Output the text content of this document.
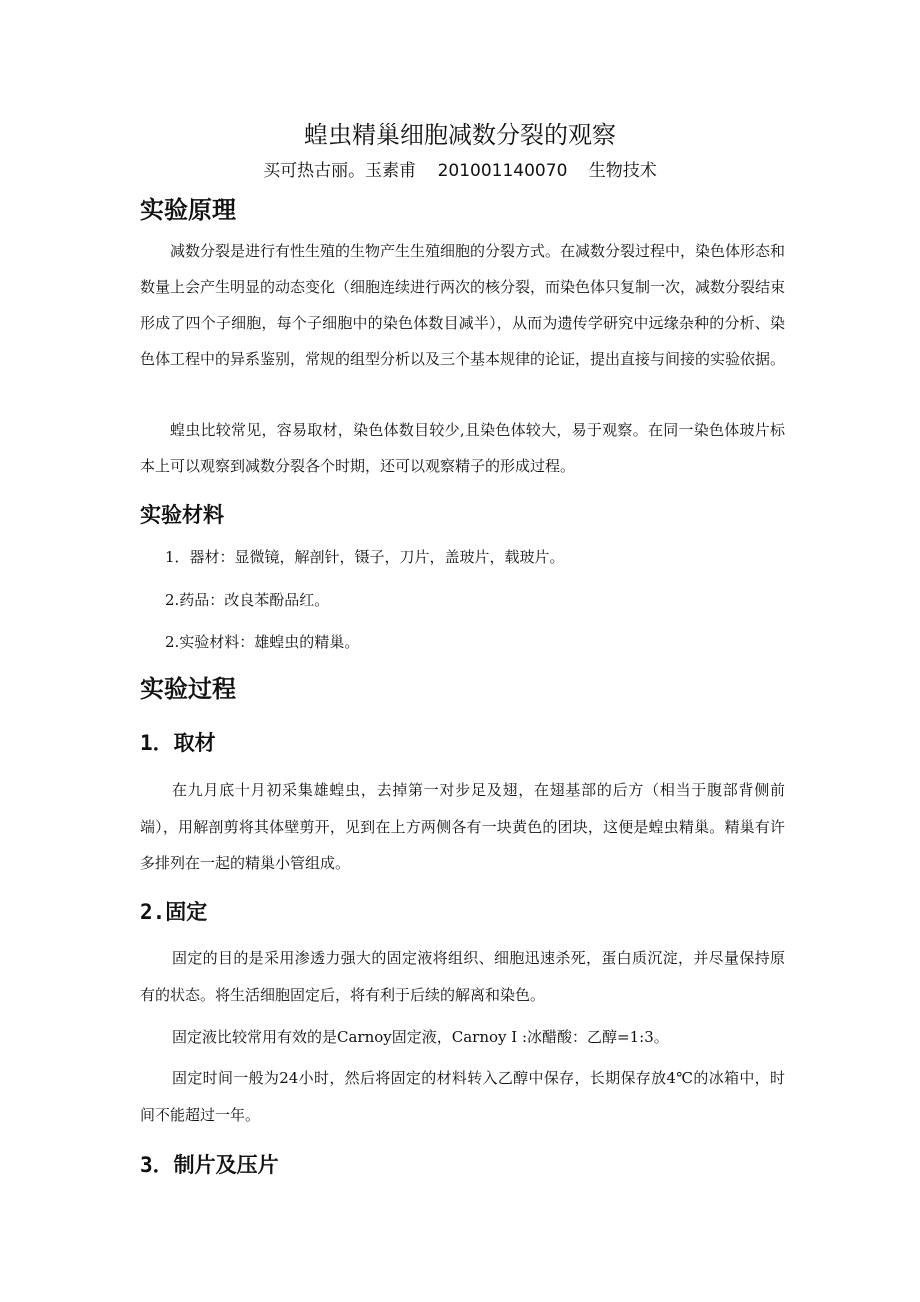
蝗虫精巢细胞减数分裂的观察
买可热古丽。玉素甫 201001140070 生物技术
实验原理
减数分裂是进行有性生殖的生物产生生殖细胞的分裂方式。在减数分裂过程中，染色体形态和数量上会产生明显的动态变化（细胞连续进行两次的核分裂，而染色体只复制一次，减数分裂结束形成了四个子细胞，每个子细胞中的染色体数目减半），从而为遗传学研究中远缘杂种的分析、染色体工程中的异系鉴别，常规的组型分析以及三个基本规律的论证，提出直接与间接的实验依据。
蝗虫比较常见，容易取材，染色体数目较少,且染色体较大，易于观察。在同一染色体玻片标本上可以观察到减数分裂各个时期，还可以观察精子的形成过程。
实验材料
1．器材：显微镜，解剖针，镊子，刀片，盖玻片，载玻片。
2.药品：改良苯酚品红。
2.实验材料：雄蝗虫的精巢。
实验过程
1．取材
在九月底十月初采集雄蝗虫，去掉第一对步足及翅，在翅基部的后方（相当于腹部背侧前端），用解剖剪将其体壁剪开，见到在上方两侧各有一块黄色的团块，这便是蝗虫精巢。精巢有许多排列在一起的精巢小管组成。
2.固定
固定的目的是采用渗透力强大的固定液将组织、细胞迅速杀死，蛋白质沉淀，并尽量保持原有的状态。将生活细胞固定后，将有利于后续的解离和染色。
固定液比较常用有效的是Carnoy固定液，Carnoy Ⅰ :冰醋酸：乙醇=1:3。
固定时间一般为24小时，然后将固定的材料转入乙醇中保存，长期保存放4℃的冰箱中，时间不能超过一年。
3．制片及压片
